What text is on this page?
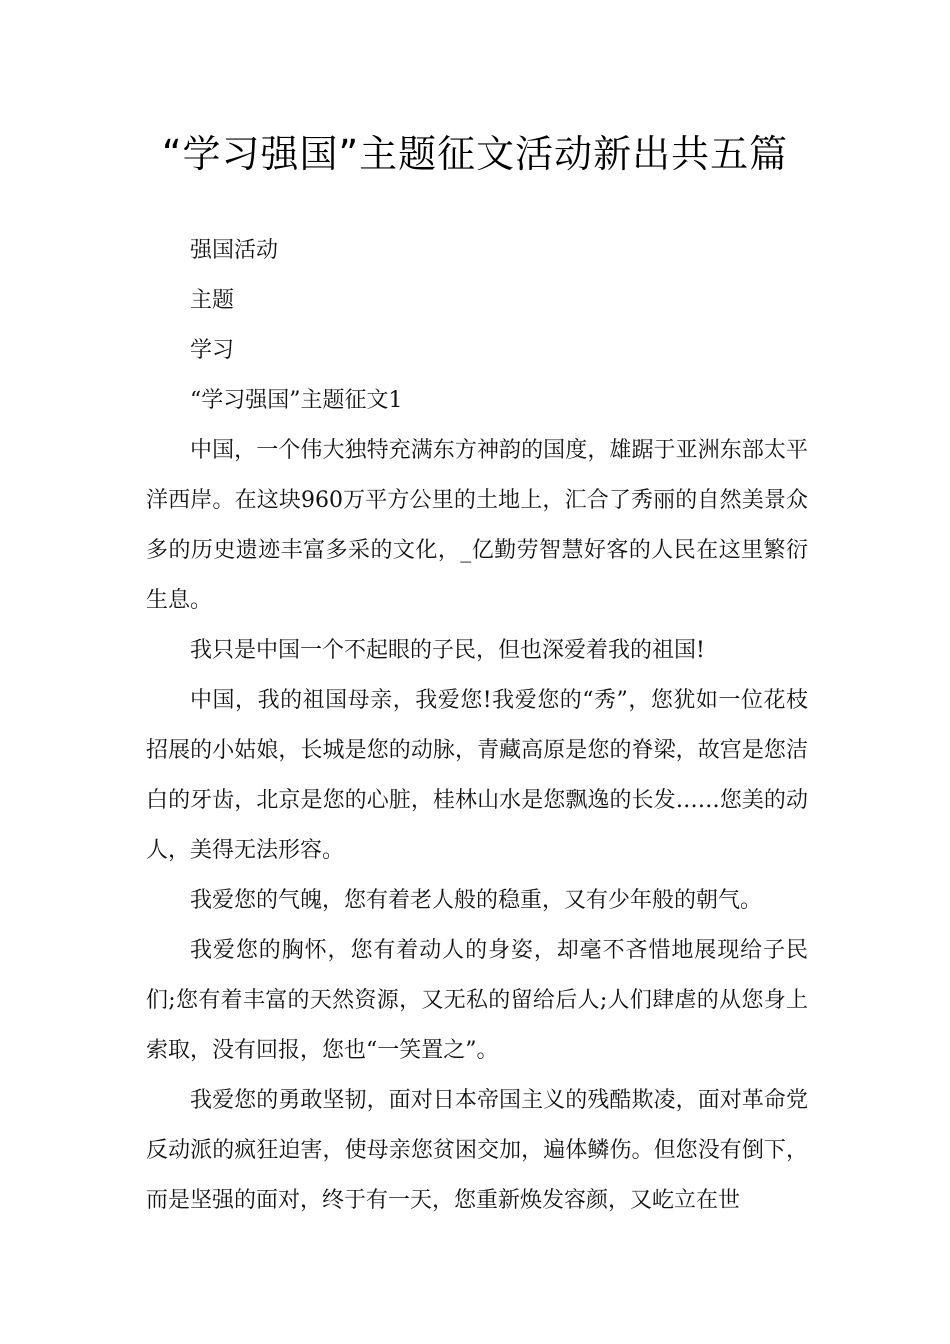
“学习强国”主题征文活动新出共五篇

强国活动

主题

学习

“学习强国”主题征文1

中国，一个伟大独特充满东方神韵的国度，雄踞于亚洲东部太平洋西岸。在这块960万平方公里的土地上，汇合了秀丽的自然美景众多的历史遗迹丰富多采的文化，_亿勤劳智慧好客的人民在这里繁衍生息。

我只是中国一个不起眼的子民，但也深爱着我的祖国!

中国，我的祖国母亲，我爱您!我爱您的“秀”，您犹如一位花枝招展的小姑娘，长城是您的动脉，青藏高原是您的脊梁，故宫是您洁白的牙齿，北京是您的心脏，桂林山水是您飘逸的长发……您美的动人，美得无法形容。

我爱您的气魄，您有着老人般的稳重，又有少年般的朝气。

我爱您的胸怀，您有着动人的身姿，却毫不吝惜地展现给子民们;您有着丰富的天然资源，又无私的留给后人;人们肆虐的从您身上索取，没有回报，您也“一笑置之”。

我爱您的勇敢坚韧，面对日本帝国主义的残酷欺凌，面对革命党反动派的疯狂迫害，使母亲您贫困交加，遍体鳞伤。但您没有倒下，而是坚强的面对，终于有一天，您重新焕发容颜，又屹立在世
